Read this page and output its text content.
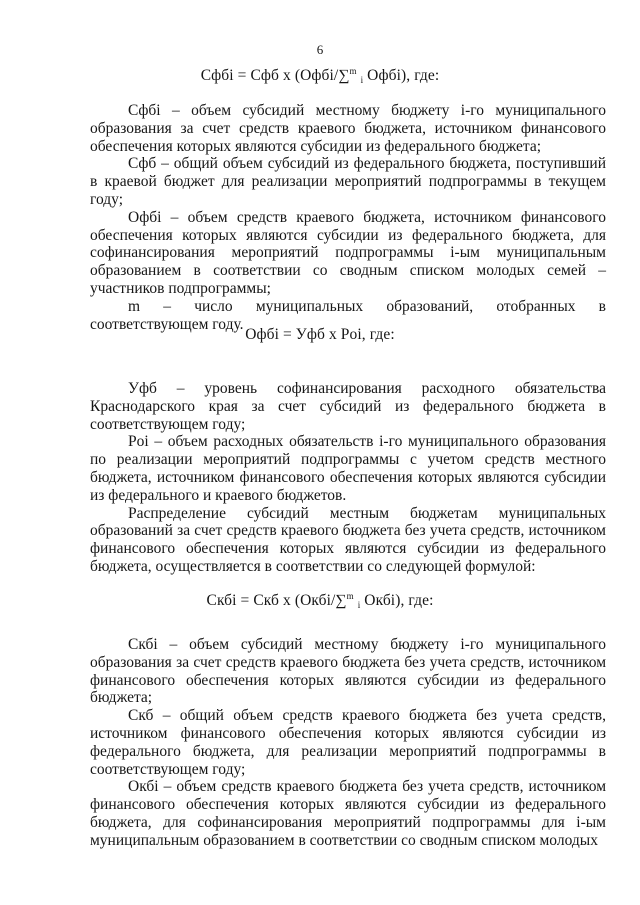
6
Сфбi = Сфб х (Офбi/∑$^m$ $_i$ Офбi), где:

Сфбi – объем субсидий местному бюджету i-го муниципального образования за счет средств краевого бюджета, источником финансового обеспечения которых являются субсидии из федерального бюджета;

Сфб – общий объем субсидий из федерального бюджета, поступивший в краевой бюджет для реализации мероприятий подпрограммы в текущем году;

Офбi – объем средств краевого бюджета, источником финансового обеспечения которых являются субсидии из федерального бюджета, для софинансирования мероприятий подпрограммы i-ым муниципальным образованием в соответствии со сводным списком молодых семей – участников подпрограммы;

m – число муниципальных образований, отобранных в соответствующем году.

Офбi = Уфб х Рoi, где:

Уфб – уровень софинансирования расходного обязательства Краснодарского края за счет субсидий из федерального бюджета в соответствующем году;

Рoi – объем расходных обязательств i-го муниципального образования по реализации мероприятий подпрограммы с учетом средств местного бюджета, источником финансового обеспечения которых являются субсидии из федерального и краевого бюджетов.

Распределение субсидий местным бюджетам муниципальных образований за счет средств краевого бюджета без учета средств, источником финансового обеспечения которых являются субсидии из федерального бюджета, осуществляется в соответствии со следующей формулой:

Скбi = Скб х (Окбi/∑$^m$ $_i$ Окбi), где:

Скбi – объем субсидий местному бюджету i-го муниципального образования за счет средств краевого бюджета без учета средств, источником финансового обеспечения которых являются субсидии из федерального бюджета;

Скб – общий объем средств краевого бюджета без учета средств, источником финансового обеспечения которых являются субсидии из федерального бюджета, для реализации мероприятий подпрограммы в соответствующем году;

Окбi – объем средств краевого бюджета без учета средств, источником финансового обеспечения которых являются субсидии из федерального бюджета, для софинансирования мероприятий подпрограммы для i-ым муниципальным образованием в соответствии со сводным списком молодых
